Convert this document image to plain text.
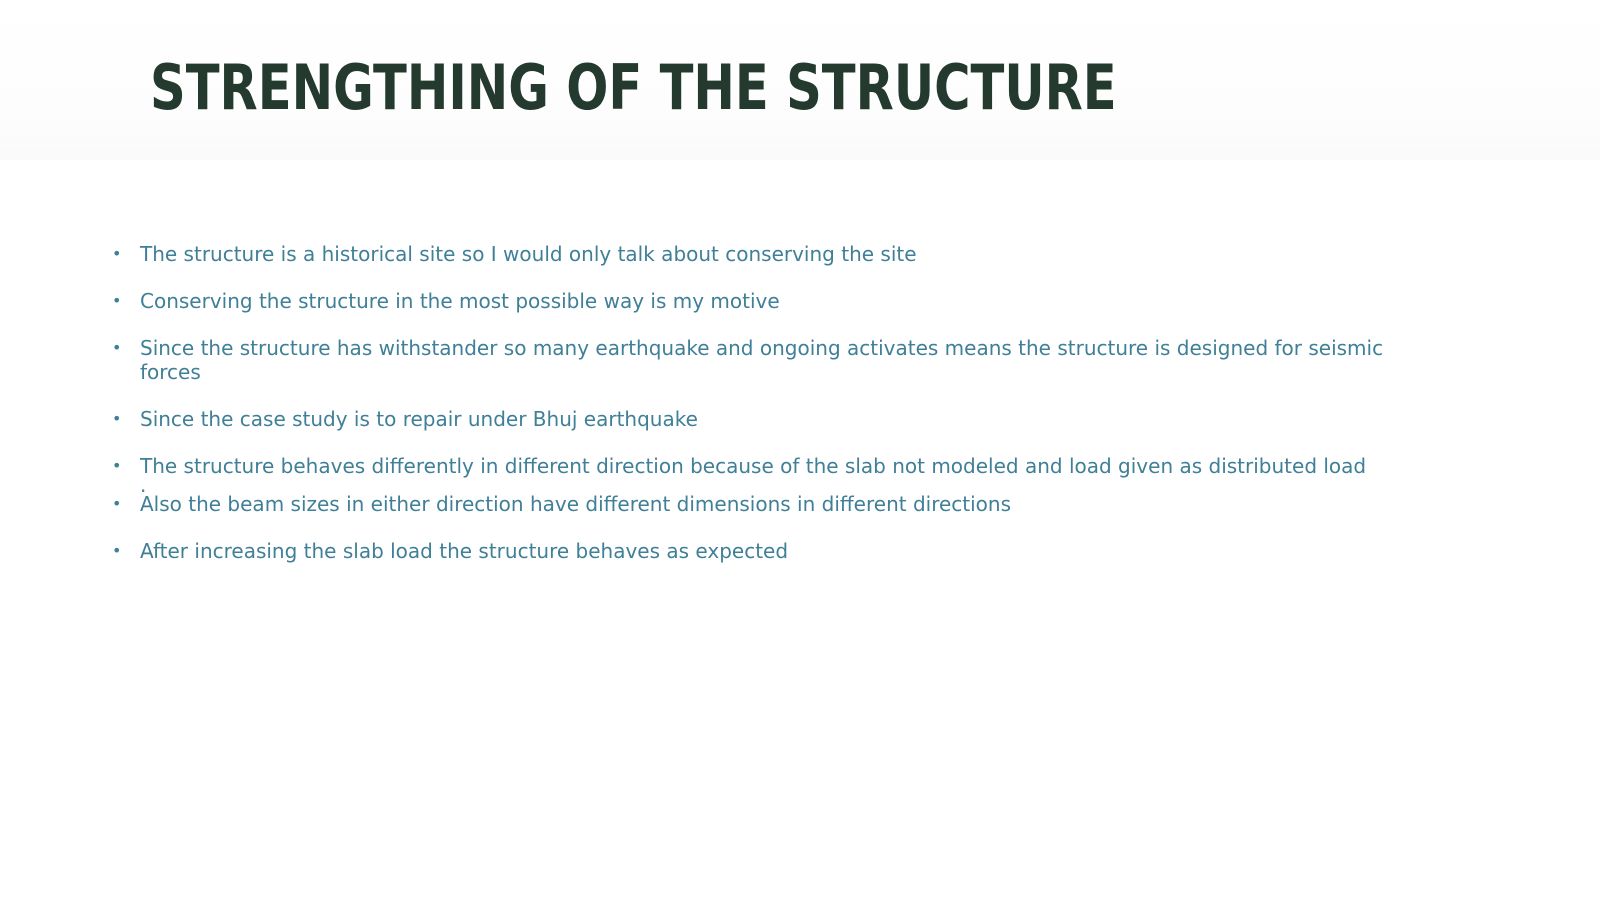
STRENGTHING OF THE STRUCTURE
• The structure is a historical site so I would only talk about conserving the site
• Conserving the structure in the most possible way is my motive
• Since the structure has withstander so many earthquake and ongoing activates means the structure is designed for seismic forces
• Since the case study is to repair under Bhuj earthquake
• The structure behaves differently in different direction because of the slab not modeled and load given as distributed load
.
• Also the beam sizes in either direction have different dimensions in different directions
• After increasing the slab load the structure behaves as expected
